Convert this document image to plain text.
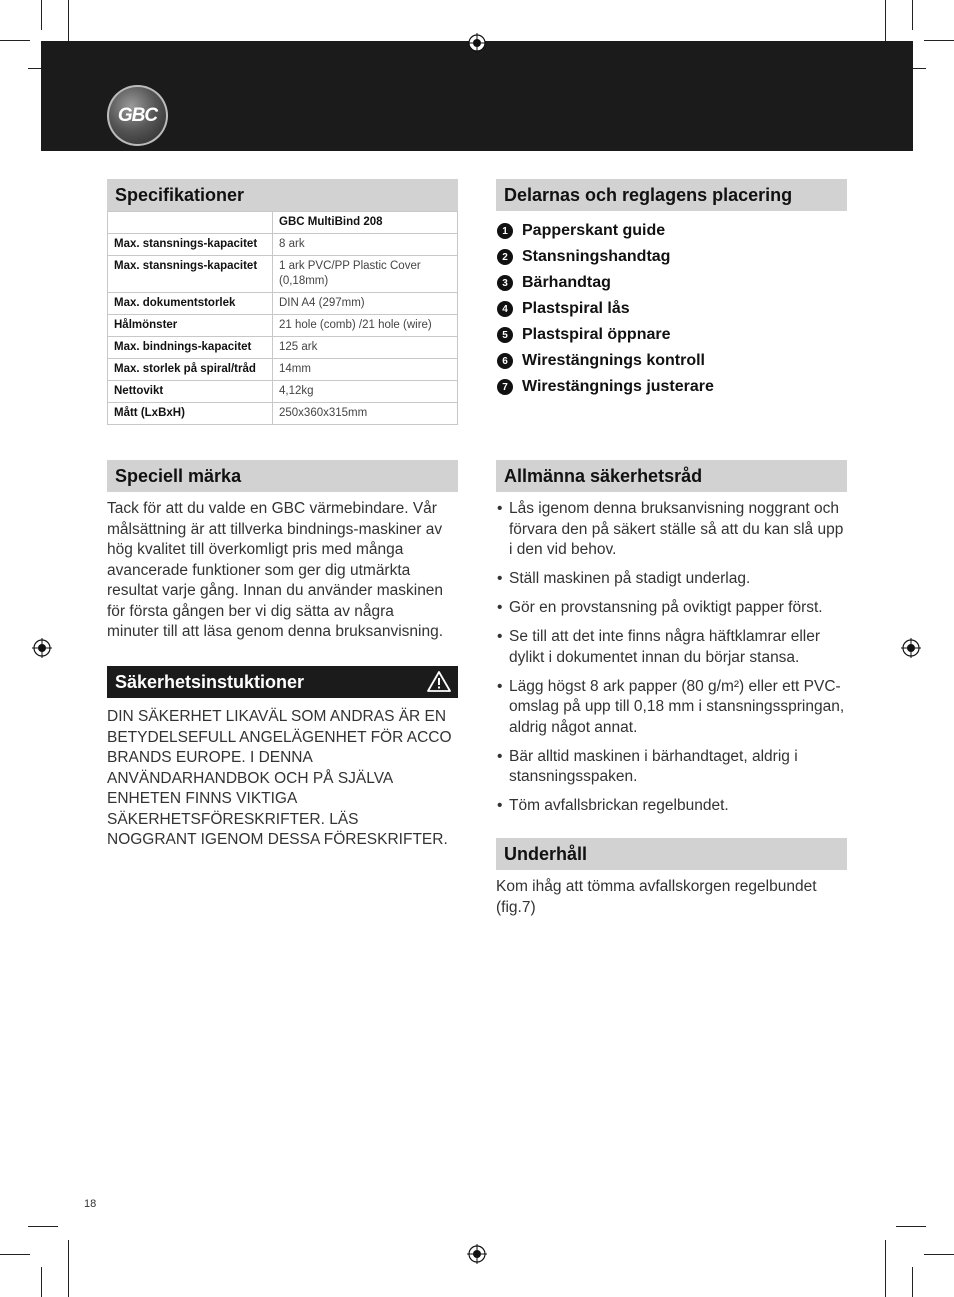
GBC
Specifikationer
	GBC MultiBind 208
Max. stansnings-kapacitet	8 ark
Max. stansnings-kapacitet	1 ark PVC/PP Plastic Cover (0,18mm)
Max. dokumentstorlek	DIN A4 (297mm)
Hålmönster	21 hole (comb) /21 hole (wire)
Max. bindnings-kapacitet	125 ark
Max. storlek på spiral/tråd	14mm
Nettovikt	4,12kg
Mått (LxBxH)	250x360x315mm
Delarnas och reglagens placering
1 Papperskant guide
2 Stansningshandtag
3 Bärhandtag
4 Plastspiral lås
5 Plastspiral öppnare
6 Wirestängnings kontroll
7 Wirestängnings justerare
Speciell märka
Tack för att du valde en GBC värmebindare. Vår målsättning är att tillverka bindnings-maskiner av hög kvalitet till överkomligt pris med många avancerade funktioner som ger dig utmärkta resultat varje gång. Innan du använder maskinen för första gången ber vi dig sätta av några minuter till att läsa genom denna bruksanvisning.
Säkerhetsinstuktioner
DIN SÄKERHET LIKAVÄL SOM ANDRAS ÄR EN BETYDELSEFULL ANGELÄGENHET FÖR ACCO BRANDS EUROPE. I DENNA ANVÄNDARHANDBOK OCH PÅ SJÄLVA ENHETEN FINNS VIKTIGA SÄKERHETSFÖRESKRIFTER. LÄS NOGGRANT IGENOM DESSA FÖRESKRIFTER.
Allmänna säkerhetsråd
• Lås igenom denna bruksanvisning noggrant och förvara den på säkert ställe så att du kan slå upp i den vid behov.
• Ställ maskinen på stadigt underlag.
• Gör en provstansning på oviktigt papper först.
• Se till att det inte finns några häftklamrar eller dylikt i dokumentet innan du börjar stansa.
• Lägg högst 8 ark papper (80 g/m²) eller ett PVC-omslag på upp till 0,18 mm i stansningsspringan, aldrig något annat.
• Bär alltid maskinen i bärhandtaget, aldrig i stansningsspaken.
• Töm avfallsbrickan regelbundet.
Underhåll
Kom ihåg att tömma avfallskorgen regelbundet (fig.7)
18
